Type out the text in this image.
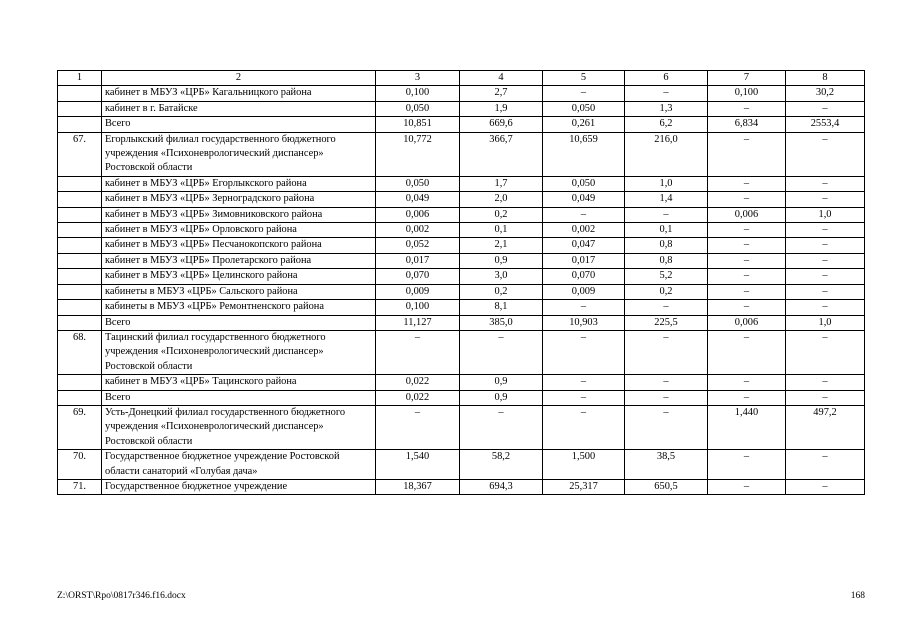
1	2	3	4	5	6	7	8
	кабинет в МБУЗ «ЦРБ» Кагальницкого района	0,100	2,7	–	–	0,100	30,2
	кабинет в г. Батайске	0,050	1,9	0,050	1,3	–	–
	Всего	10,851	669,6	0,261	6,2	6,834	2553,4
67.	Егорлыкский филиал государственного бюджетного учреждения «Психоневрологический диспансер» Ростовской области	10,772	366,7	10,659	216,0	–	–
	кабинет в МБУЗ «ЦРБ» Егорлыкского района	0,050	1,7	0,050	1,0	–	–
	кабинет в МБУЗ «ЦРБ» Зерноградского района	0,049	2,0	0,049	1,4	–	–
	кабинет в МБУЗ «ЦРБ» Зимовниковского района	0,006	0,2	–	–	0,006	1,0
	кабинет в МБУЗ «ЦРБ» Орловского района	0,002	0,1	0,002	0,1	–	–
	кабинет в МБУЗ «ЦРБ» Песчанокопского района	0,052	2,1	0,047	0,8	–	–
	кабинет в МБУЗ «ЦРБ» Пролетарского района	0,017	0,9	0,017	0,8	–	–
	кабинет в МБУЗ «ЦРБ» Целинского района	0,070	3,0	0,070	5,2	–	–
	кабинеты в МБУЗ «ЦРБ» Сальского района	0,009	0,2	0,009	0,2	–	–
	кабинеты в МБУЗ «ЦРБ» Ремонтненского района	0,100	8,1	–	–	–	–
	Всего	11,127	385,0	10,903	225,5	0,006	1,0
68.	Тацинский филиал государственного бюджетного учреждения «Психоневрологический диспансер» Ростовской области	–	–	–	–	–	–
	кабинет в МБУЗ «ЦРБ» Тацинского района	0,022	0,9	–	–	–	–
	Всего	0,022	0,9	–	–	–	–
69.	Усть-Донецкий филиал государственного бюджетного учреждения «Психоневрологический диспансер» Ростовской области	–	–	–	–	1,440	497,2
70.	Государственное бюджетное учреждение Ростовской области санаторий «Голубая дача»	1,540	58,2	1,500	38,5	–	–
71.	Государственное бюджетное учреждение	18,367	694,3	25,317	650,5	–	–
Z:\ORST\Rpo\0817r346.f16.docx	168
